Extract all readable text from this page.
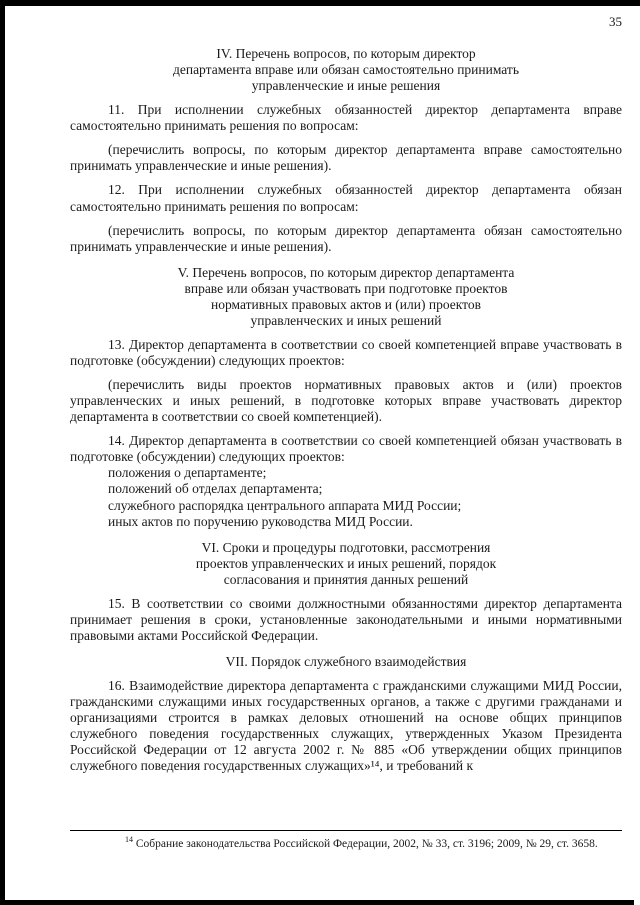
35
IV. Перечень вопросов, по которым директор
департамента вправе или обязан самостоятельно принимать
управленческие и иные решения
11. При исполнении служебных обязанностей директор департамента вправе самостоятельно принимать решения по вопросам:
(перечислить вопросы, по которым директор департамента вправе самостоятельно принимать управленческие и иные решения).
12. При исполнении служебных обязанностей директор департамента обязан самостоятельно принимать решения по вопросам:
(перечислить вопросы, по которым директор департамента обязан самостоятельно принимать управленческие и иные решения).
V. Перечень вопросов, по которым директор департамента
вправе или обязан участвовать при подготовке проектов
нормативных правовых актов и (или) проектов
управленческих и иных решений
13. Директор департамента в соответствии со своей компетенцией вправе участвовать в подготовке (обсуждении) следующих проектов:
(перечислить виды проектов нормативных правовых актов и (или) проектов управленческих и иных решений, в подготовке которых вправе участвовать директор департамента в соответствии со своей компетенцией).
14. Директор департамента в соответствии со своей компетенцией обязан участвовать в подготовке (обсуждении) следующих проектов:
положения о департаменте;
положений об отделах департамента;
служебного распорядка центрального аппарата МИД России;
иных актов по поручению руководства МИД России.
VI. Сроки и процедуры подготовки, рассмотрения
проектов управленческих и иных решений, порядок
согласования и принятия данных решений
15. В соответствии со своими должностными обязанностями директор департамента принимает решения в сроки, установленные законодательными и иными нормативными правовыми актами Российской Федерации.
VII. Порядок служебного взаимодействия
16. Взаимодействие директора департамента с гражданскими служащими МИД России, гражданскими служащими иных государственных органов, а также с другими гражданами и организациями строится в рамках деловых отношений на основе общих принципов служебного поведения государственных служащих, утвержденных Указом Президента Российской Федерации от 12 августа 2002 г. № 885 «Об утверждении общих принципов служебного поведения государственных служащих»¹⁴, и требований к
$^{14}$ Собрание законодательства Российской Федерации, 2002, № 33, ст. 3196; 2009, № 29, ст. 3658.
